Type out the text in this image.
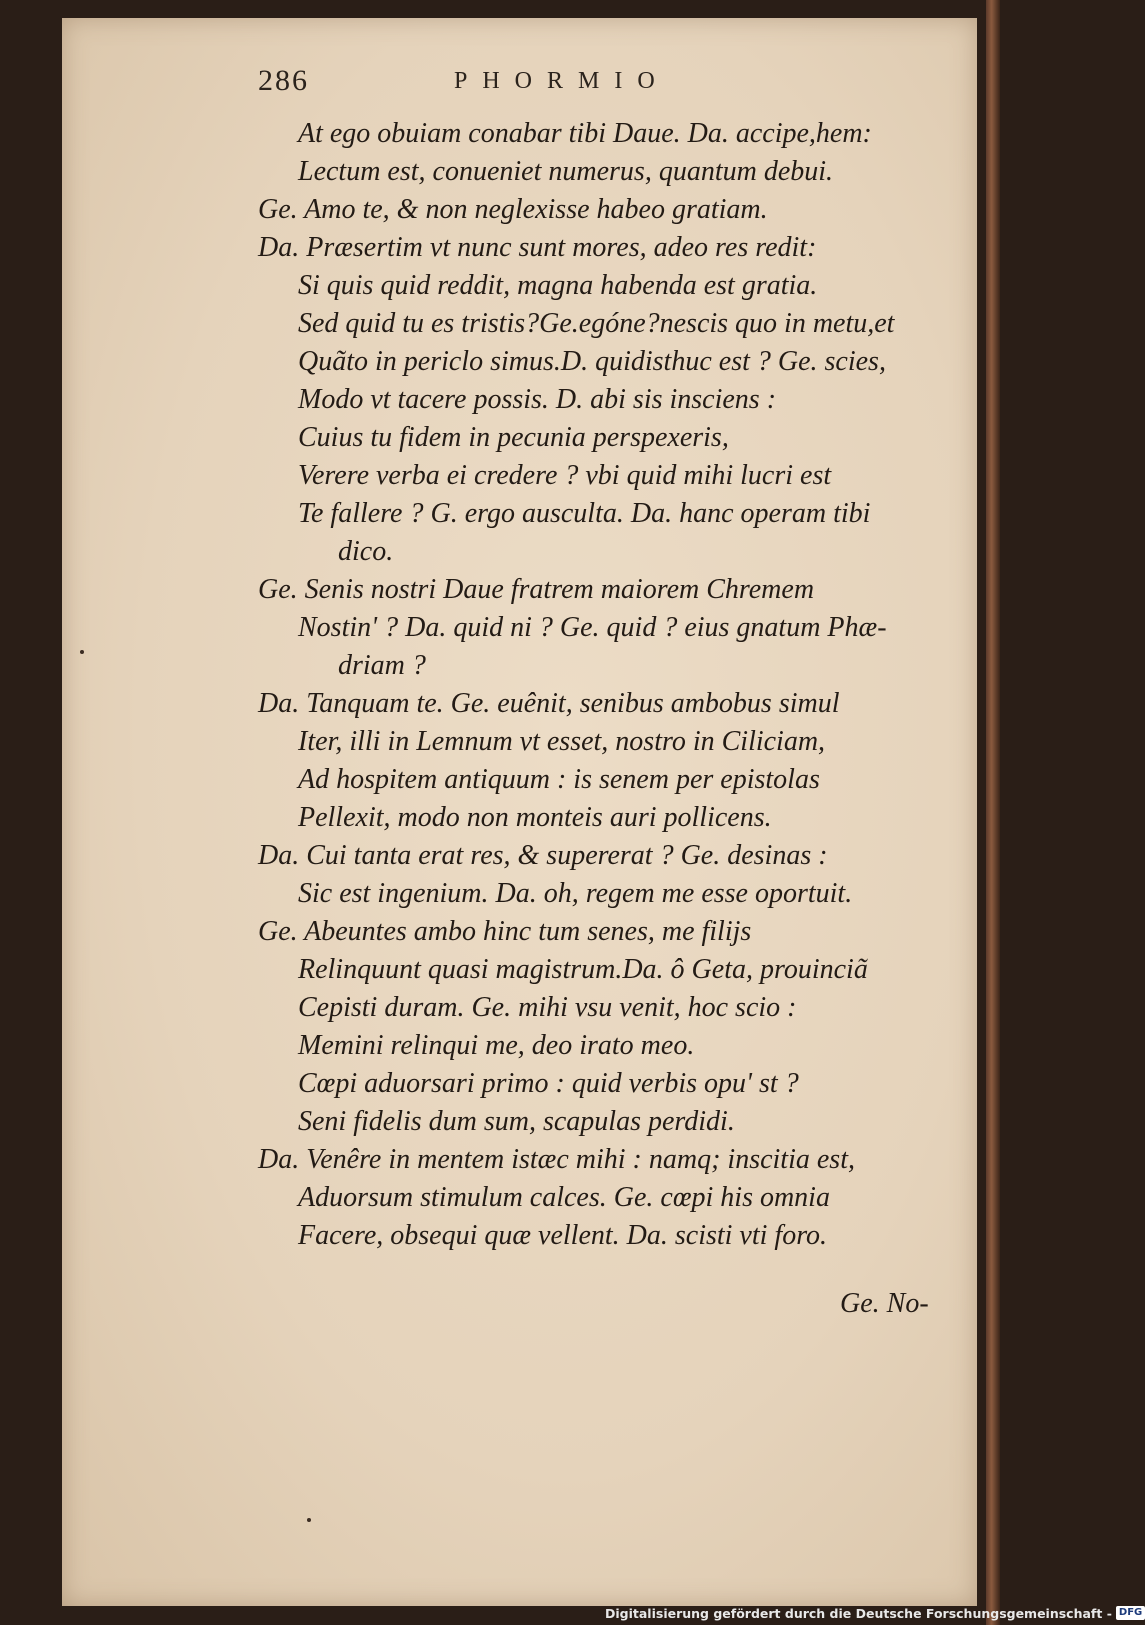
286	PHORMIO
At ego obuiam conabar tibi Daue. Da. accipe,hem:
Lectum est, conueniet numerus, quantum debui.
Ge. Amo te, & non neglexisse habeo gratiam.
Da. Præsertim vt nunc sunt mores, adeo res redit:
Si quis quid reddit, magna habenda est gratia.
Sed quid tu es tristis?Ge.egóne?nescis quo in metu,et
Quãto in periclo simus.D. quidisthuc est ? Ge. scies,
Modo vt tacere possis. D. abi sis insciens :
Cuius tu fidem in pecunia perspexeris,
Verere verba ei credere ? vbi quid mihi lucri est
Te fallere ? G. ergo ausculta. Da. hanc operam tibi
dico.
Ge. Senis nostri Daue fratrem maiorem Chremem
Nostin' ? Da. quid ni ? Ge. quid ? eius gnatum Phæ-
driam ?
Da. Tanquam te. Ge. euênit, senibus ambobus simul
Iter, illi in Lemnum vt esset, nostro in Ciliciam,
Ad hospitem antiquum : is senem per epistolas
Pellexit, modo non monteis auri pollicens.
Da. Cui tanta erat res, & supererat ? Ge. desinas :
Sic est ingenium. Da. oh, regem me esse oportuit.
Ge. Abeuntes ambo hinc tum senes, me filijs
Relinquunt quasi magistrum.Da. ô Geta, prouinciã
Cepisti duram. Ge. mihi vsu venit, hoc scio :
Memini relinqui me, deo irato meo.
Cœpi aduorsari primo : quid verbis opu' st ?
Seni fidelis dum sum, scapulas perdidi.
Da. Venêre in mentem istæc mihi : namq; inscitia est,
Aduorsum stimulum calces. Ge. cœpi his omnia
Facere, obsequi quæ vellent. Da. scisti vti foro.
Ge. No-
Digitalisierung gefördert durch die Deutsche Forschungsgemeinschaft - DFG
